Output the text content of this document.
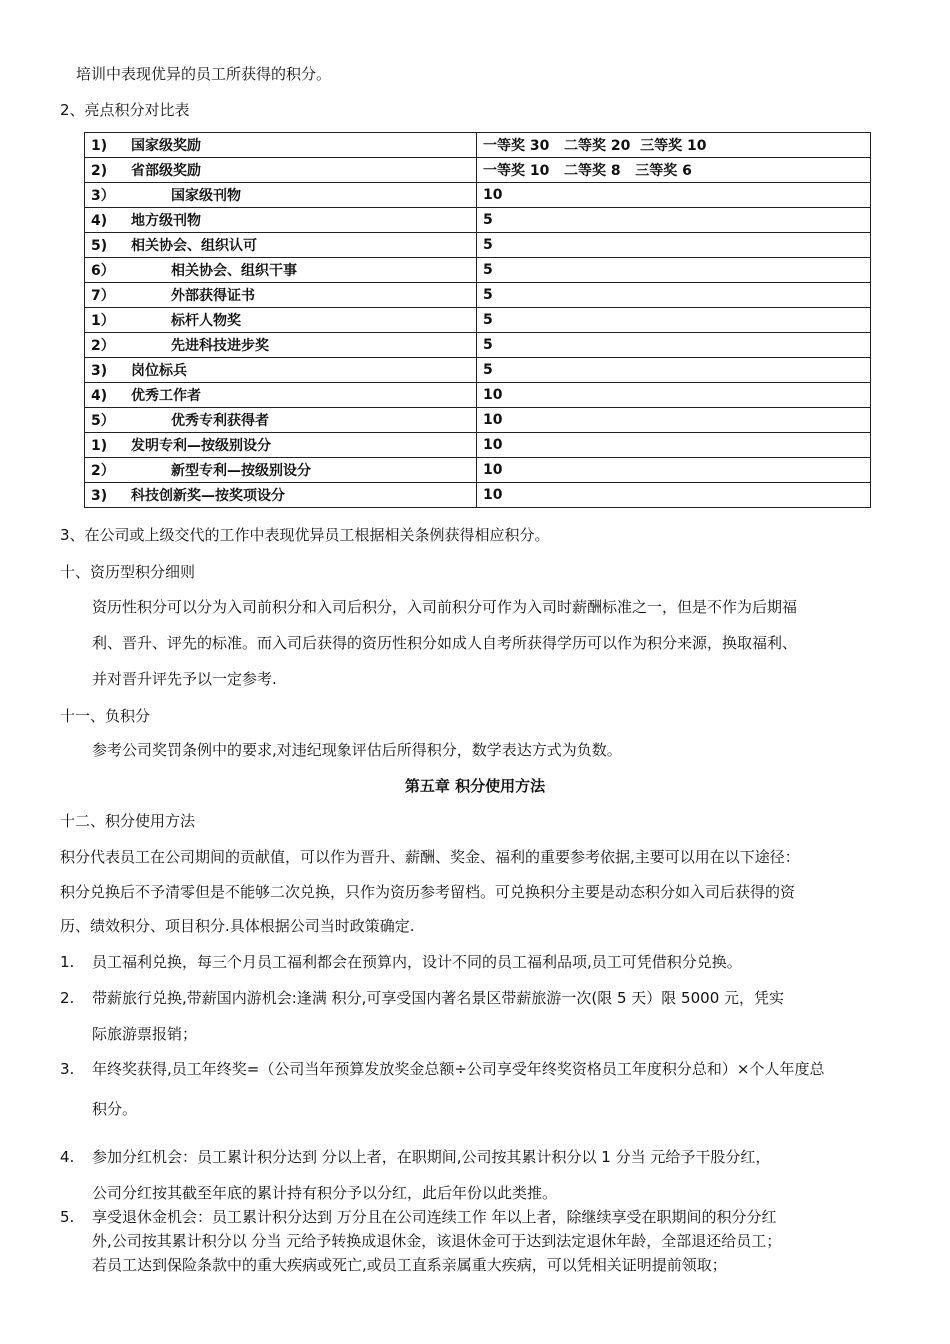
培训中表现优异的员工所获得的积分。
2、亮点积分对比表
1) 国家级奖励	一等奖 30   二等奖 20  三等奖 10
2) 省部级奖励	一等奖 10   二等奖 8   三等奖 6
3） 国家级刊物	10
4) 地方级刊物	5
5) 相关协会、组织认可	5
6） 相关协会、组织干事	5
7） 外部获得证书	5
1） 标杆人物奖	5
2） 先进科技进步奖	5
3) 岗位标兵	5
4) 优秀工作者	10
5） 优秀专利获得者	10
1) 发明专利—按级别设分	10
2） 新型专利—按级别设分	10
3) 科技创新奖—按奖项设分	10
3、在公司或上级交代的工作中表现优异员工根据相关条例获得相应积分。
十、资历型积分细则
资历性积分可以分为入司前积分和入司后积分，入司前积分可作为入司时薪酬标准之一，但是不作为后期福
利、晋升、评先的标准。而入司后获得的资历性积分如成人自考所获得学历可以作为积分来源，换取福利、
并对晋升评先予以一定参考.
十一、负积分
参考公司奖罚条例中的要求,对违纪现象评估后所得积分，数学表达方式为负数。
第五章 积分使用方法
十二、积分使用方法
积分代表员工在公司期间的贡献值，可以作为晋升、薪酬、奖金、福利的重要参考依据,主要可以用在以下途径：
积分兑换后不予清零但是不能够二次兑换，只作为资历参考留档。可兑换积分主要是动态积分如入司后获得的资
历、绩效积分、项目积分.具体根据公司当时政策确定.
1. 员工福利兑换，每三个月员工福利都会在预算内，设计不同的员工福利品项,员工可凭借积分兑换。
2. 带薪旅行兑换,带薪国内游机会:逢满 积分,可享受国内著名景区带薪旅游一次(限 5 天）限 5000 元，凭实
际旅游票报销；
3. 年终奖获得,员工年终奖=（公司当年预算发放奖金总额÷公司享受年终奖资格员工年度积分总和）×个人年度总
积分。
4. 参加分红机会：员工累计积分达到 分以上者，在职期间,公司按其累计积分以 1 分当 元给予干股分红，
公司分红按其截至年底的累计持有积分予以分红，此后年份以此类推。
5. 享受退休金机会：员工累计积分达到 万分且在公司连续工作 年以上者，除继续享受在职期间的积分分红
外,公司按其累计积分以 分当 元给予转换成退休金，该退休金可于达到法定退休年龄，全部退还给员工；
若员工达到保险条款中的重大疾病或死亡,或员工直系亲属重大疾病，可以凭相关证明提前领取；
